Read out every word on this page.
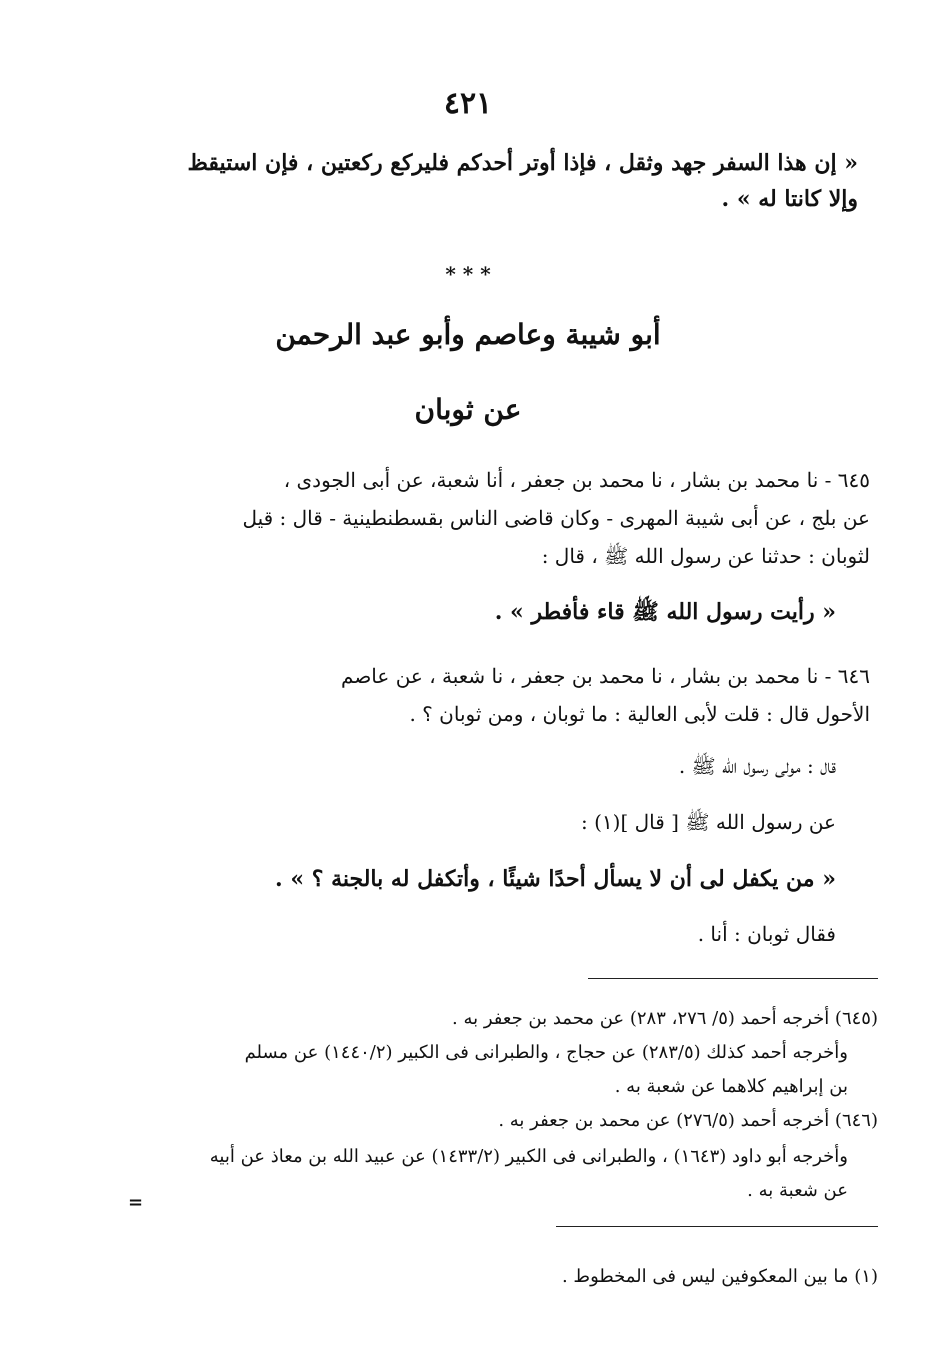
٤٢١
« إن هذا السفر جهد وثقل ، فإذا أوتر أحدكم فليركع ركعتين ، فإن استيقظ
وإلا كانتا له » .
* * *
أبو شيبة وعاصم وأبو عبد الرحمن
عن ثوبان
٦٤٥ - نا محمد بن بشار ، نا محمد بن جعفر ، أنا شعبة، عن أبى الجودى ،
عن بلج ، عن أبى شيبة المهرى - وكان قاضى الناس بقسطنطينية - قال : قيل
لثوبان : حدثنا عن رسول الله ﷺ ، قال :
« رأيت رسول الله ﷺ قاء فأفطر » .
٦٤٦ - نا محمد بن بشار ، نا محمد بن جعفر ، نا شعبة ، عن عاصم
الأحول قال : قلت لأبى العالية : ما ثوبان ، ومن ثوبان ؟ .
قال : مولى رسول الله ﷺ .
عن رسول الله ﷺ [ قال ](١) :
« من يكفل لى أن لا يسأل أحدًا شيئًا ، وأتكفل له بالجنة ؟ » .
فقال ثوبان : أنا .
(٦٤٥) أخرجه أحمد (٥/ ٢٧٦، ٢٨٣) عن محمد بن جعفر به .
وأخرجه أحمد كذلك (٢٨٣/٥) عن حجاج ، والطبرانى فى الكبير (١٤٤٠/٢) عن مسلم
بن إبراهيم كلاهما عن شعبة به .
(٦٤٦) أخرجه أحمد (٢٧٦/٥) عن محمد بن جعفر به .
وأخرجه أبو داود (١٦٤٣) ، والطبرانى فى الكبير (١٤٣٣/٢) عن عبيد الله بن معاذ عن أبيه
عن شعبة به .
=
(١) ما بين المعكوفين ليس فى المخطوط .
